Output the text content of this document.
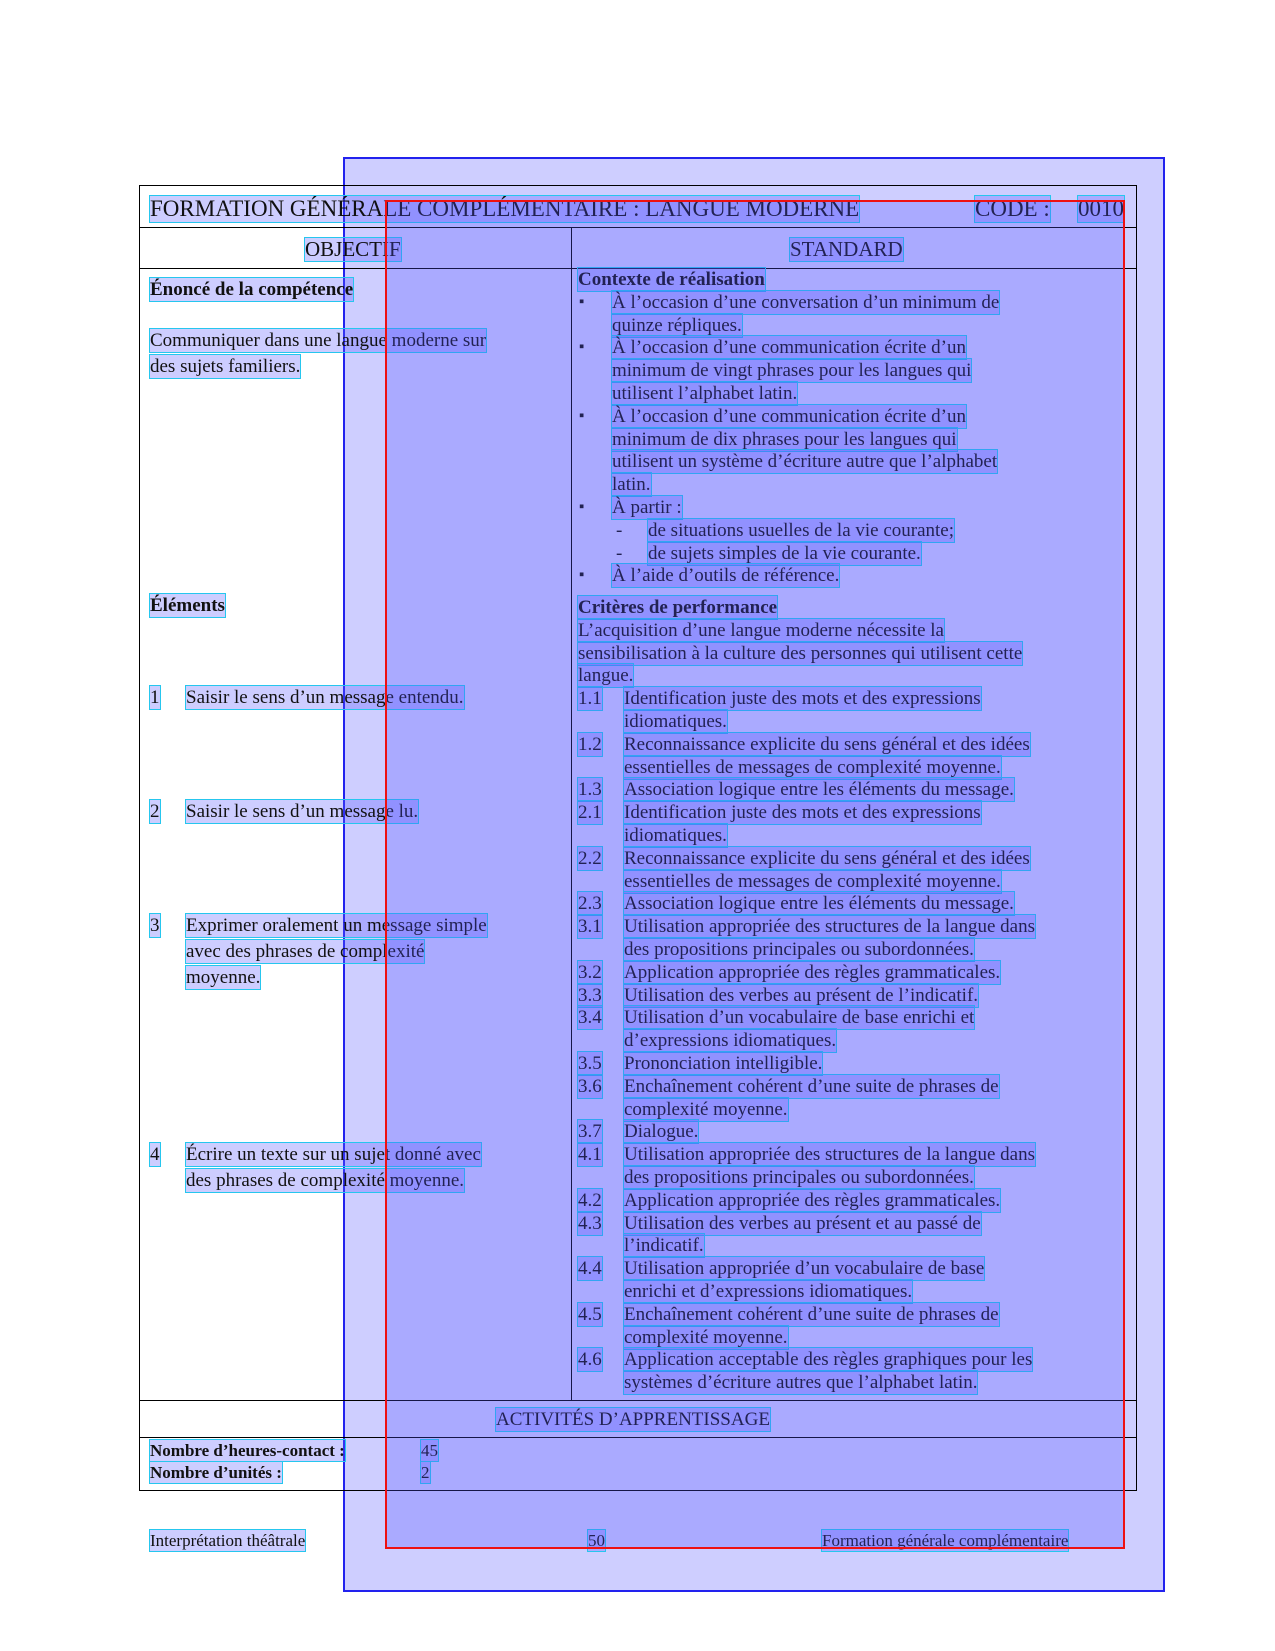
FORMATION GÉNÉRALE COMPLÉMENTAIRE : LANGUE MODERNE	CODE : 0010
OBJECTIF	STANDARD
Énoncé de la compétence
Communiquer dans une langue moderne sur
des sujets familiers.
Éléments
1 Saisir le sens d’un message entendu.
2 Saisir le sens d’un message lu.
3 Exprimer oralement un message simple
avec des phrases de complexité
moyenne.
4 Écrire un texte sur un sujet donné avec
des phrases de complexité moyenne.
Contexte de réalisation
▪ À l’occasion d’une conversation d’un minimum de
quinze répliques.
▪ À l’occasion d’une communication écrite d’un
minimum de vingt phrases pour les langues qui
utilisent l’alphabet latin.
▪ À l’occasion d’une communication écrite d’un
minimum de dix phrases pour les langues qui
utilisent un système d’écriture autre que l’alphabet
latin.
▪ À partir :
- de situations usuelles de la vie courante;
- de sujets simples de la vie courante.
▪ À l’aide d’outils de référence.
Critères de performance
L’acquisition d’une langue moderne nécessite la
sensibilisation à la culture des personnes qui utilisent cette
langue.
1.1 Identification juste des mots et des expressions
idiomatiques.
1.2 Reconnaissance explicite du sens général et des idées
essentielles de messages de complexité moyenne.
1.3 Association logique entre les éléments du message.
2.1 Identification juste des mots et des expressions
idiomatiques.
2.2 Reconnaissance explicite du sens général et des idées
essentielles de messages de complexité moyenne.
2.3 Association logique entre les éléments du message.
3.1 Utilisation appropriée des structures de la langue dans
des propositions principales ou subordonnées.
3.2 Application appropriée des règles grammaticales.
3.3 Utilisation des verbes au présent de l’indicatif.
3.4 Utilisation d’un vocabulaire de base enrichi et
d’expressions idiomatiques.
3.5 Prononciation intelligible.
3.6 Enchaînement cohérent d’une suite de phrases de
complexité moyenne.
3.7 Dialogue.
4.1 Utilisation appropriée des structures de la langue dans
des propositions principales ou subordonnées.
4.2 Application appropriée des règles grammaticales.
4.3 Utilisation des verbes au présent et au passé de
l’indicatif.
4.4 Utilisation appropriée d’un vocabulaire de base
enrichi et d’expressions idiomatiques.
4.5 Enchaînement cohérent d’une suite de phrases de
complexité moyenne.
4.6 Application acceptable des règles graphiques pour les
systèmes d’écriture autres que l’alphabet latin.
ACTIVITÉS D’APPRENTISSAGE
Nombre d’heures-contact :	45
Nombre d’unités :	2
Interprétation théâtrale	50	Formation générale complémentaire
